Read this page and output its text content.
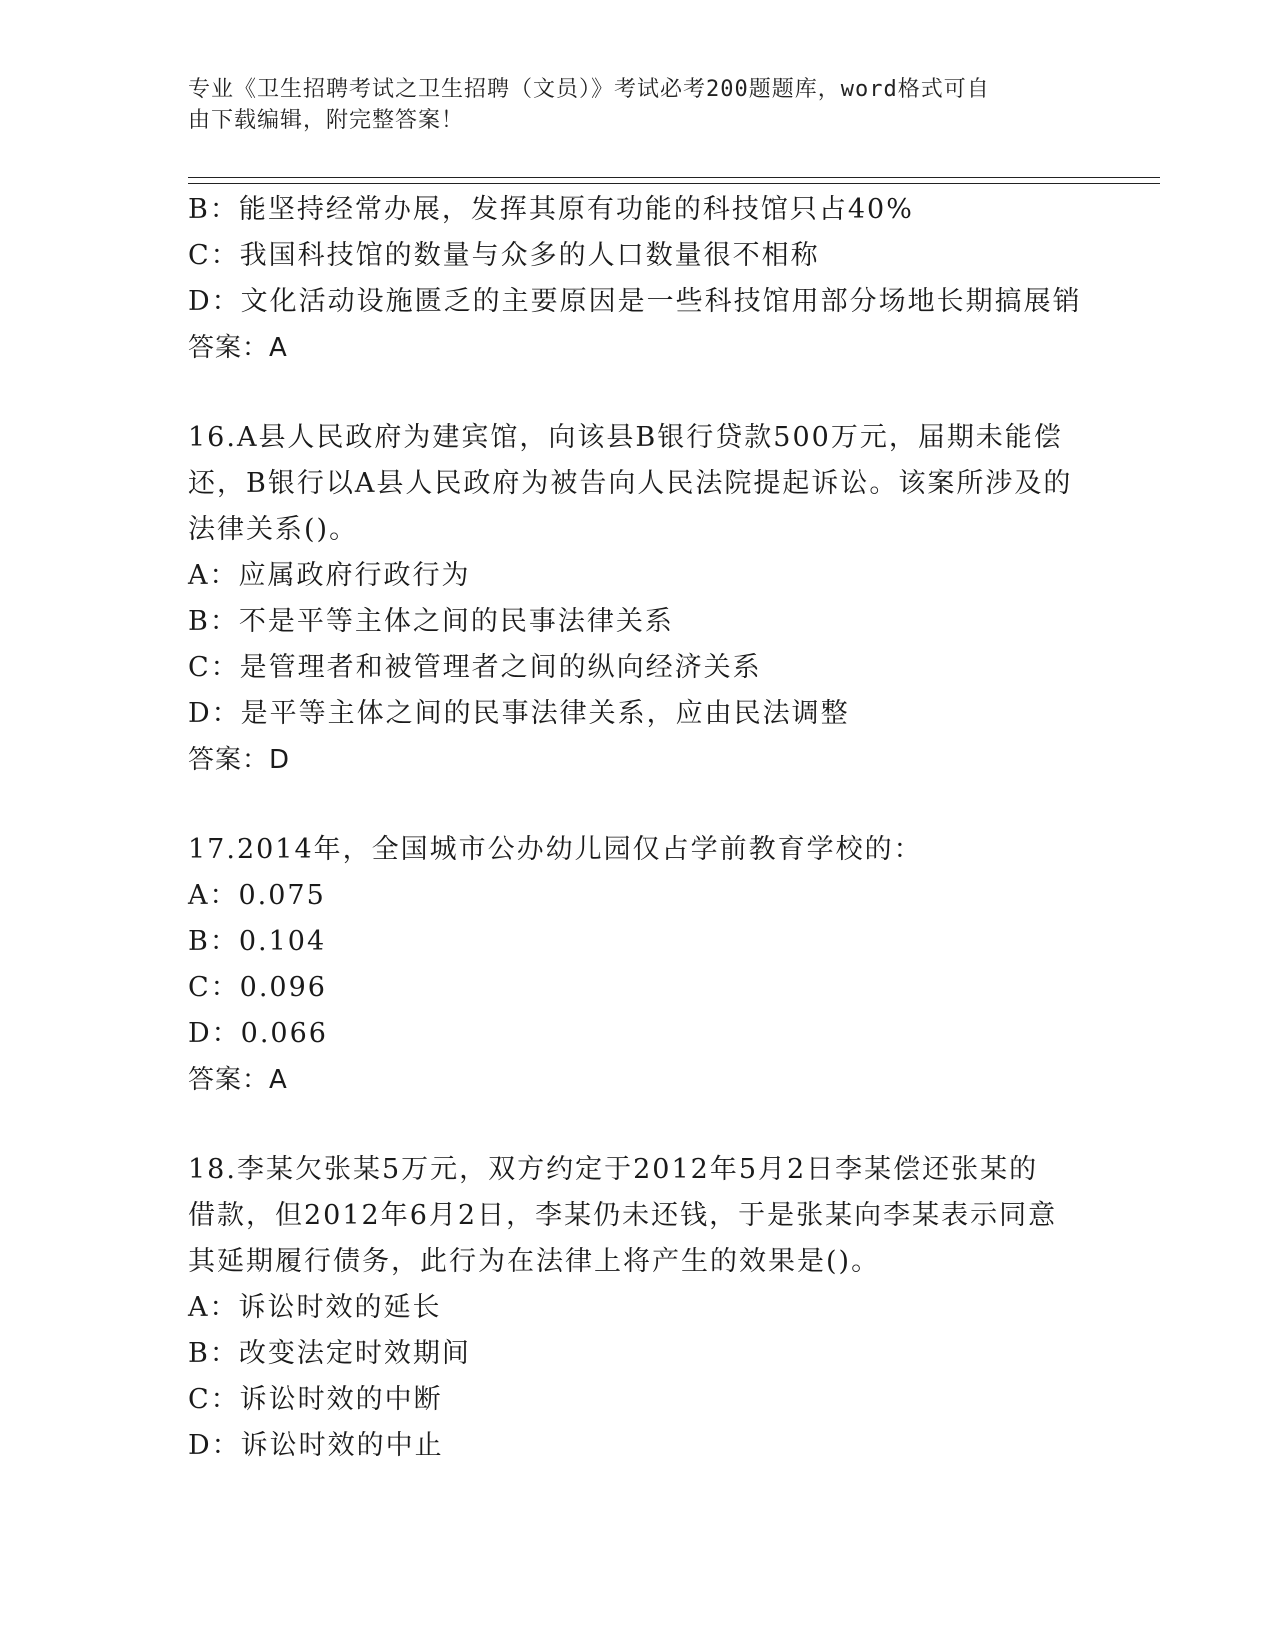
专业《卫生招聘考试之卫生招聘（文员）》考试必考200题题库，word格式可自
由下载编辑，附完整答案！
B：能坚持经常办展，发挥其原有功能的科技馆只占40%
C：我国科技馆的数量与众多的人口数量很不相称
D：文化活动设施匮乏的主要原因是一些科技馆用部分场地长期搞展销
答案：A
16.A县人民政府为建宾馆，向该县B银行贷款500万元，届期未能偿
还，B银行以A县人民政府为被告向人民法院提起诉讼。该案所涉及的
法律关系()。
A：应属政府行政行为
B：不是平等主体之间的民事法律关系
C：是管理者和被管理者之间的纵向经济关系
D：是平等主体之间的民事法律关系，应由民法调整
答案：D
17.2014年，全国城市公办幼儿园仅占学前教育学校的：
A：0.075
B：0.104
C：0.096
D：0.066
答案：A
18.李某欠张某5万元，双方约定于2012年5月2日李某偿还张某的
借款，但2012年6月2日，李某仍未还钱，于是张某向李某表示同意
其延期履行债务，此行为在法律上将产生的效果是()。
A：诉讼时效的延长
B：改变法定时效期间
C：诉讼时效的中断
D：诉讼时效的中止
